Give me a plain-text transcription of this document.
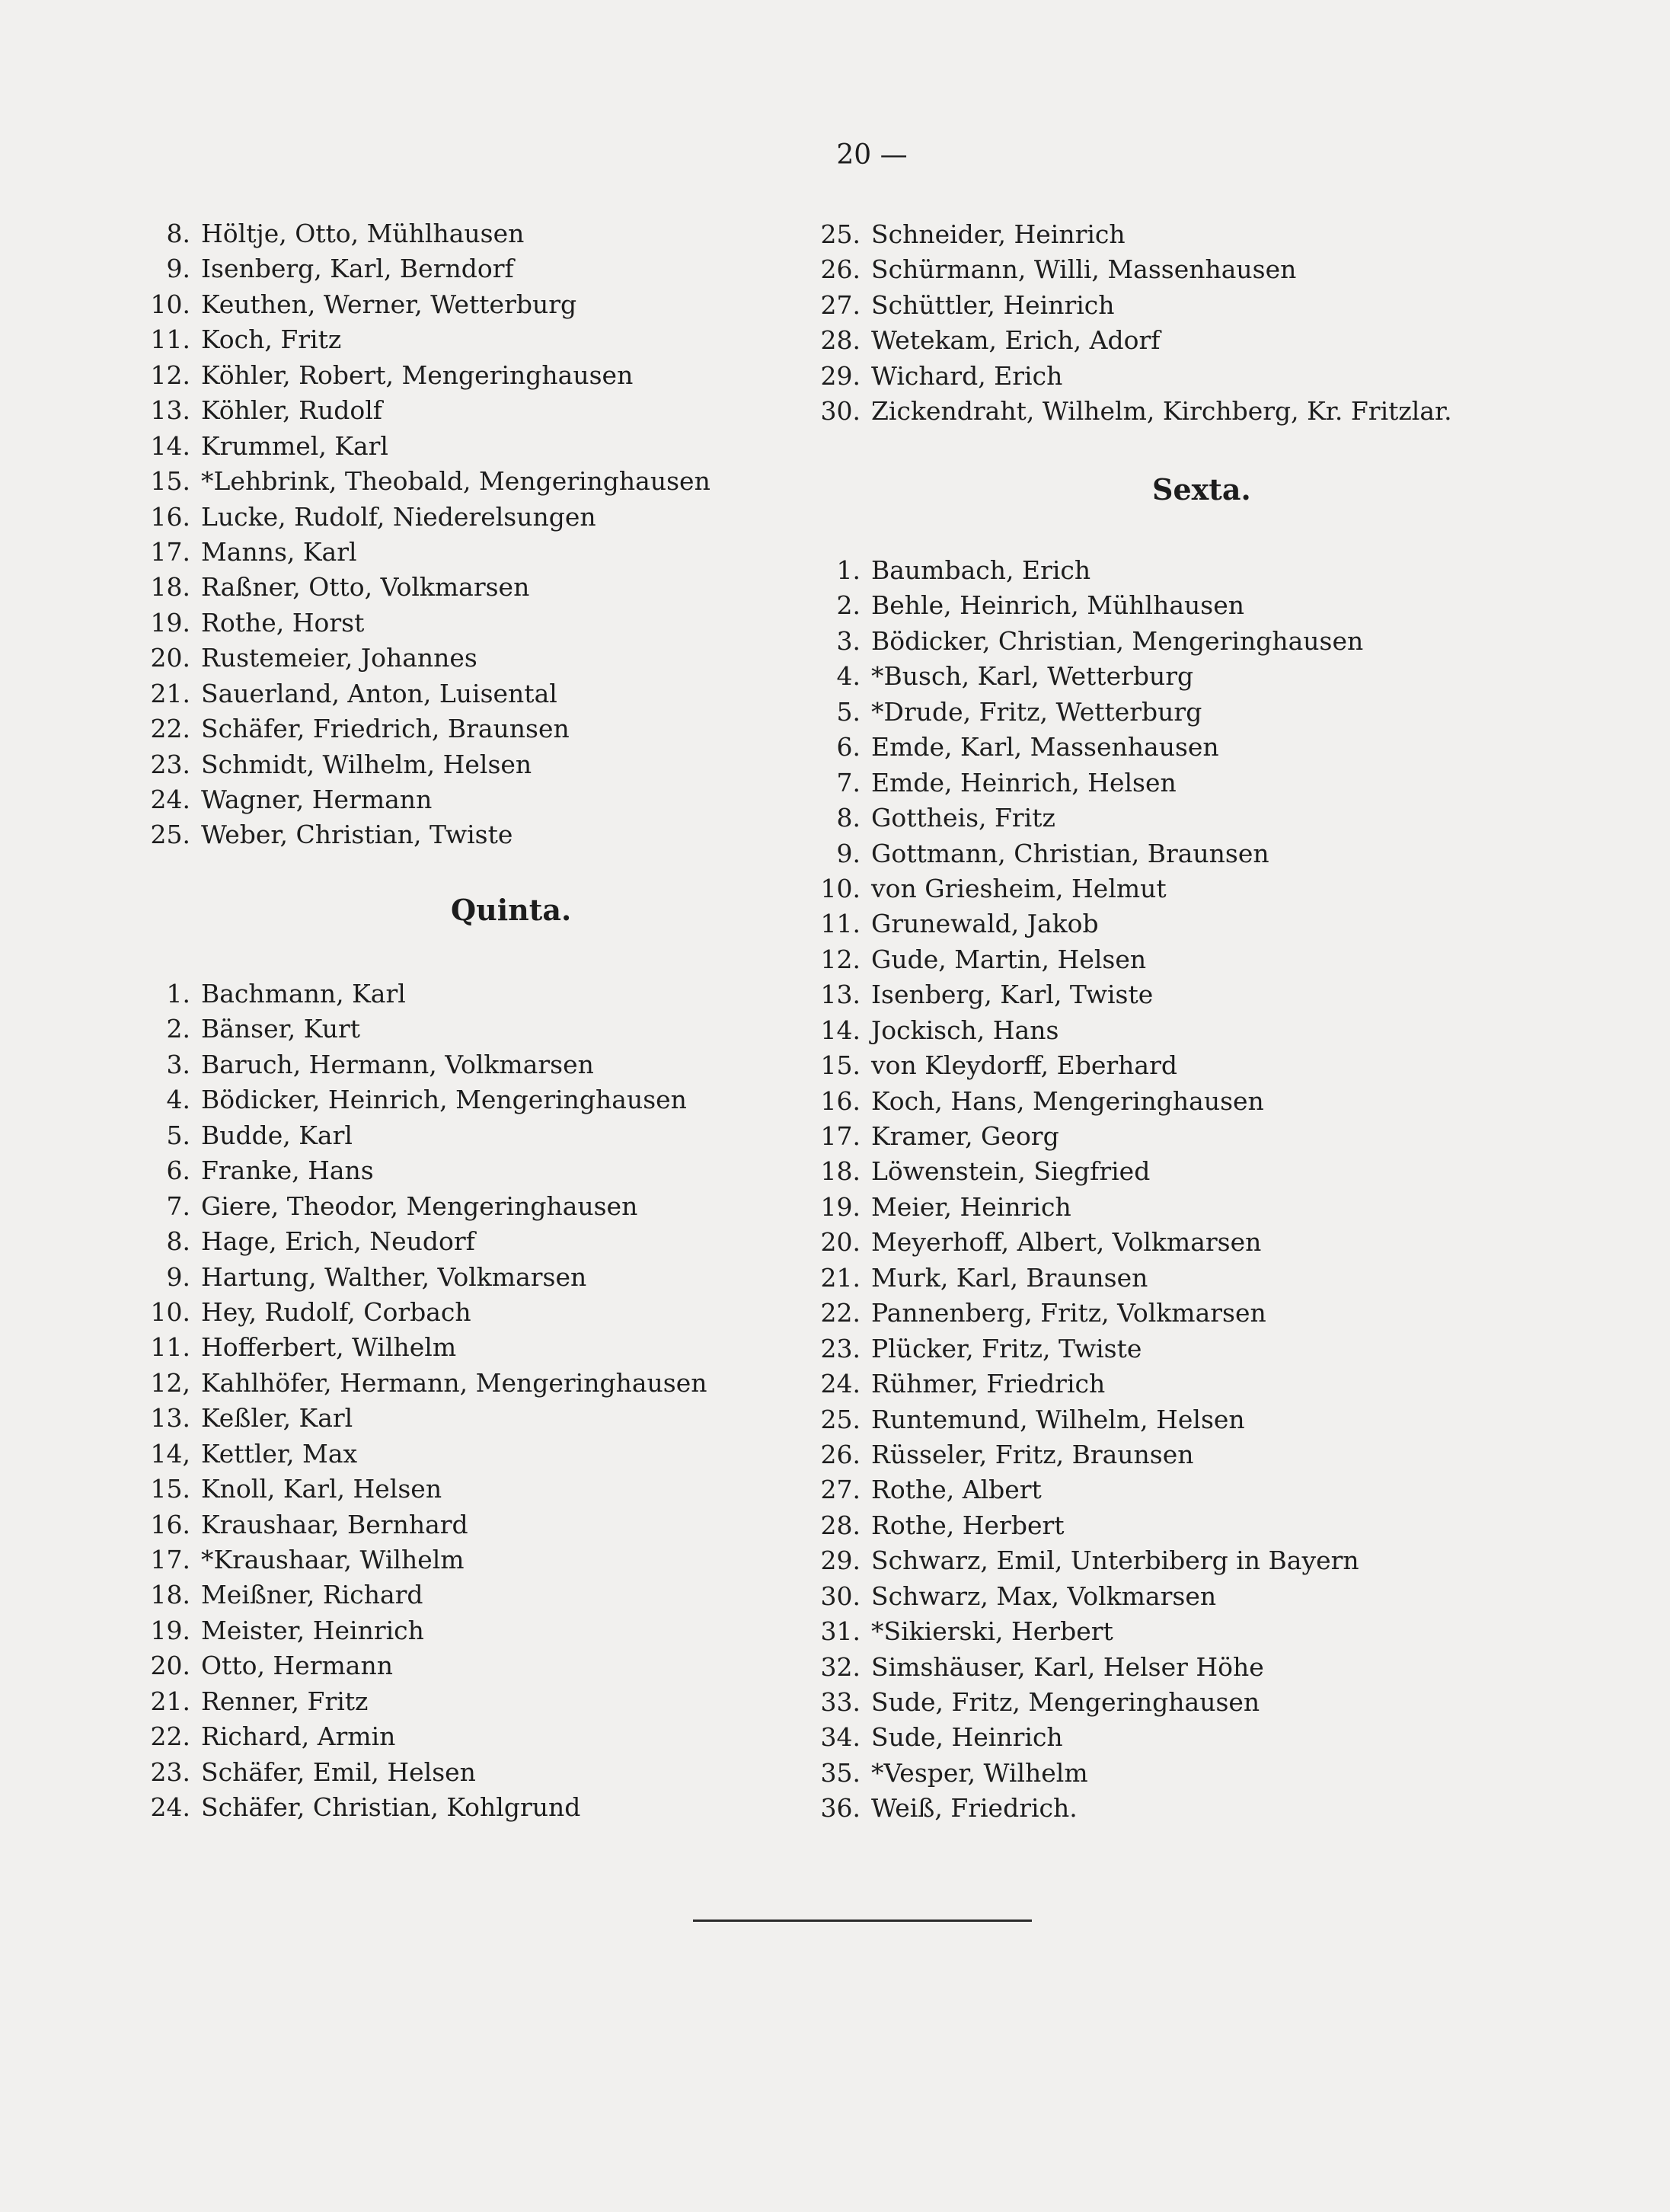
20 —
8. Höltje, Otto, Mühlhausen
9. Isenberg, Karl, Berndorf
10. Keuthen, Werner, Wetterburg
11. Koch, Fritz
12. Köhler, Robert, Mengeringhausen
13. Köhler, Rudolf
14. Krummel, Karl
15. *Lehbrink, Theobald, Mengeringhausen
16. Lucke, Rudolf, Niederelsungen
17. Manns, Karl
18. Raßner, Otto, Volkmarsen
19. Rothe, Horst
20. Rustemeier, Johannes
21. Sauerland, Anton, Luisental
22. Schäfer, Friedrich, Braunsen
23. Schmidt, Wilhelm, Helsen
24. Wagner, Hermann
25. Weber, Christian, Twiste
Quinta.
1. Bachmann, Karl
2. Bänser, Kurt
3. Baruch, Hermann, Volkmarsen
4. Bödicker, Heinrich, Mengeringhausen
5. Budde, Karl
6. Franke, Hans
7. Giere, Theodor, Mengeringhausen
8. Hage, Erich, Neudorf
9. Hartung, Walther, Volkmarsen
10. Hey, Rudolf, Corbach
11. Hofferbert, Wilhelm
12, Kahlhöfer, Hermann, Mengeringhausen
13. Keßler, Karl
14, Kettler, Max
15. Knoll, Karl, Helsen
16. Kraushaar, Bernhard
17. *Kraushaar, Wilhelm
18. Meißner, Richard
19. Meister, Heinrich
20. Otto, Hermann
21. Renner, Fritz
22. Richard, Armin
23. Schäfer, Emil, Helsen
24. Schäfer, Christian, Kohlgrund
25. Schneider, Heinrich
26. Schürmann, Willi, Massenhausen
27. Schüttler, Heinrich
28. Wetekam, Erich, Adorf
29. Wichard, Erich
30. Zickendraht, Wilhelm, Kirchberg, Kr. Fritzlar.
Sexta.
1. Baumbach, Erich
2. Behle, Heinrich, Mühlhausen
3. Bödicker, Christian, Mengeringhausen
4. *Busch, Karl, Wetterburg
5. *Drude, Fritz, Wetterburg
6. Emde, Karl, Massenhausen
7. Emde, Heinrich, Helsen
8. Gottheis, Fritz
9. Gottmann, Christian, Braunsen
10. von Griesheim, Helmut
11. Grunewald, Jakob
12. Gude, Martin, Helsen
13. Isenberg, Karl, Twiste
14. Jockisch, Hans
15. von Kleydorff, Eberhard
16. Koch, Hans, Mengeringhausen
17. Kramer, Georg
18. Löwenstein, Siegfried
19. Meier, Heinrich
20. Meyerhoff, Albert, Volkmarsen
21. Murk, Karl, Braunsen
22. Pannenberg, Fritz, Volkmarsen
23. Plücker, Fritz, Twiste
24. Rühmer, Friedrich
25. Runtemund, Wilhelm, Helsen
26. Rüsseler, Fritz, Braunsen
27. Rothe, Albert
28. Rothe, Herbert
29. Schwarz, Emil, Unterbiberg in Bayern
30. Schwarz, Max, Volkmarsen
31. *Sikierski, Herbert
32. Simshäuser, Karl, Helser Höhe
33. Sude, Fritz, Mengeringhausen
34. Sude, Heinrich
35. *Vesper, Wilhelm
36. Weiß, Friedrich.
